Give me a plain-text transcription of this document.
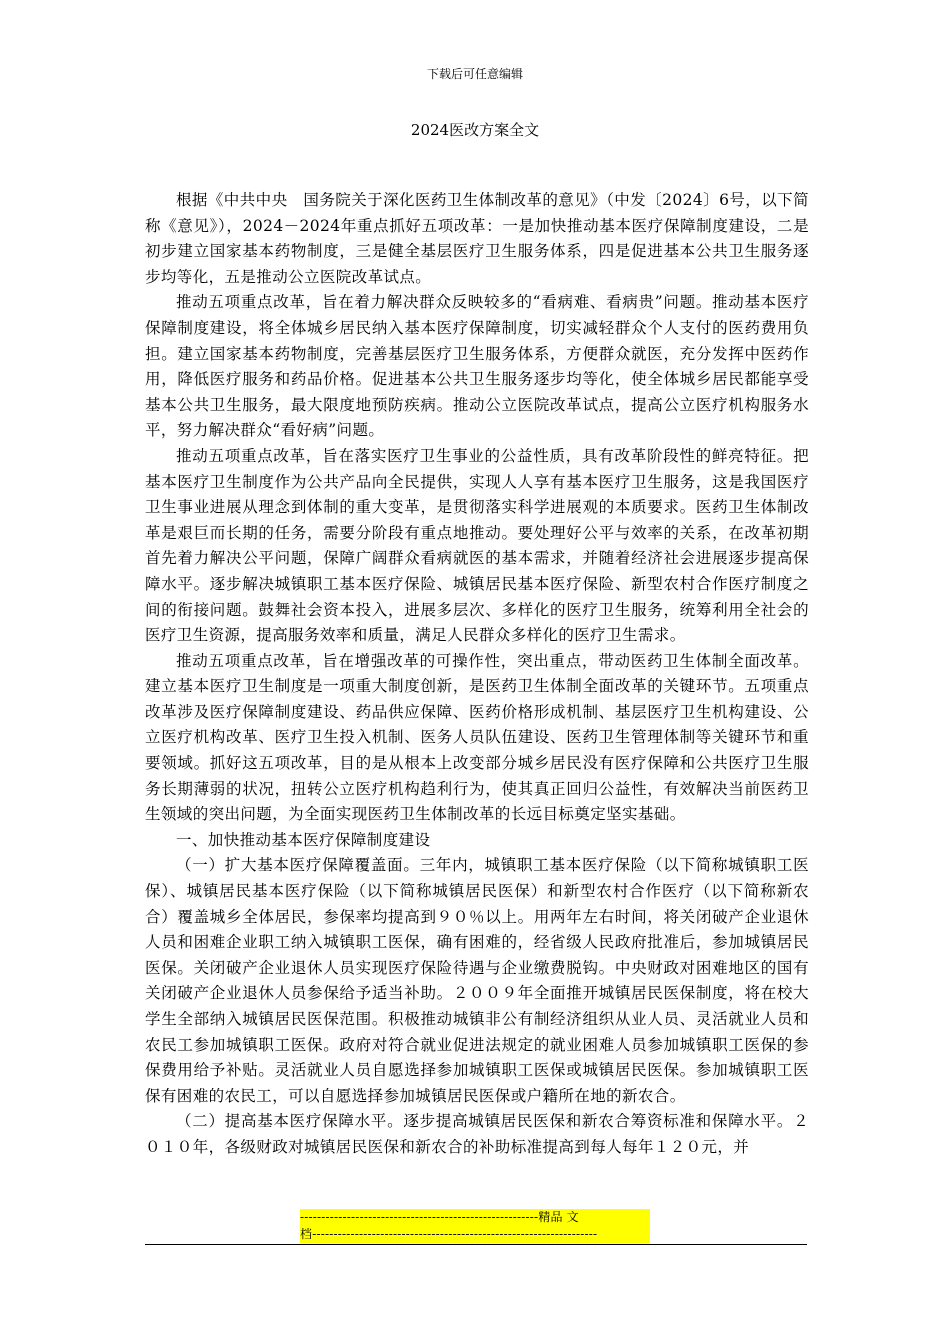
下载后可任意编辑
2024医改方案全文

根据《中共中央　国务院关于深化医药卫生体制改革的意见》（中发〔2024〕6号，以下简称《意见》），2024－2024年重点抓好五项改革：一是加快推动基本医疗保障制度建设，二是初步建立国家基本药物制度，三是健全基层医疗卫生服务体系，四是促进基本公共卫生服务逐步均等化，五是推动公立医院改革试点。

推动五项重点改革，旨在着力解决群众反映较多的“看病难、看病贵”问题。推动基本医疗保障制度建设，将全体城乡居民纳入基本医疗保障制度，切实减轻群众个人支付的医药费用负担。建立国家基本药物制度，完善基层医疗卫生服务体系，方便群众就医，充分发挥中医药作用，降低医疗服务和药品价格。促进基本公共卫生服务逐步均等化，使全体城乡居民都能享受基本公共卫生服务，最大限度地预防疾病。推动公立医院改革试点，提高公立医疗机构服务水平，努力解决群众“看好病”问题。

推动五项重点改革，旨在落实医疗卫生事业的公益性质，具有改革阶段性的鲜亮特征。把基本医疗卫生制度作为公共产品向全民提供，实现人人享有基本医疗卫生服务，这是我国医疗卫生事业进展从理念到体制的重大变革，是贯彻落实科学进展观的本质要求。医药卫生体制改革是艰巨而长期的任务，需要分阶段有重点地推动。要处理好公平与效率的关系，在改革初期首先着力解决公平问题，保障广阔群众看病就医的基本需求，并随着经济社会进展逐步提高保障水平。逐步解决城镇职工基本医疗保险、城镇居民基本医疗保险、新型农村合作医疗制度之间的衔接问题。鼓舞社会资本投入，进展多层次、多样化的医疗卫生服务，统筹利用全社会的医疗卫生资源，提高服务效率和质量，满足人民群众多样化的医疗卫生需求。

推动五项重点改革，旨在增强改革的可操作性，突出重点，带动医药卫生体制全面改革。建立基本医疗卫生制度是一项重大制度创新，是医药卫生体制全面改革的关键环节。五项重点改革涉及医疗保障制度建设、药品供应保障、医药价格形成机制、基层医疗卫生机构建设、公立医疗机构改革、医疗卫生投入机制、医务人员队伍建设、医药卫生管理体制等关键环节和重要领域。抓好这五项改革，目的是从根本上改变部分城乡居民没有医疗保障和公共医疗卫生服务长期薄弱的状况，扭转公立医疗机构趋利行为，使其真正回归公益性，有效解决当前医药卫生领域的突出问题，为全面实现医药卫生体制改革的长远目标奠定坚实基础。

一、加快推动基本医疗保障制度建设

（一）扩大基本医疗保障覆盖面。三年内，城镇职工基本医疗保险（以下简称城镇职工医保）、城镇居民基本医疗保险（以下简称城镇居民医保）和新型农村合作医疗（以下简称新农合）覆盖城乡全体居民，参保率均提高到９０％以上。用两年左右时间，将关闭破产企业退休人员和困难企业职工纳入城镇职工医保，确有困难的，经省级人民政府批准后，参加城镇居民医保。关闭破产企业退休人员实现医疗保险待遇与企业缴费脱钩。中央财政对困难地区的国有关闭破产企业退休人员参保给予适当补助。２００９年全面推开城镇居民医保制度，将在校大学生全部纳入城镇居民医保范围。积极推动城镇非公有制经济组织从业人员、灵活就业人员和农民工参加城镇职工医保。政府对符合就业促进法规定的就业困难人员参加城镇职工医保的参保费用给予补贴。灵活就业人员自愿选择参加城镇职工医保或城镇居民医保。参加城镇职工医保有困难的农民工，可以自愿选择参加城镇居民医保或户籍所在地的新农合。

（二）提高基本医疗保障水平。逐步提高城镇居民医保和新农合筹资标准和保障水平。２０１０年，各级财政对城镇居民医保和新农合的补助标准提高到每人每年１２０元，并

--------------------------------------------------------精品 文
档-------------------------------------------------------------------
